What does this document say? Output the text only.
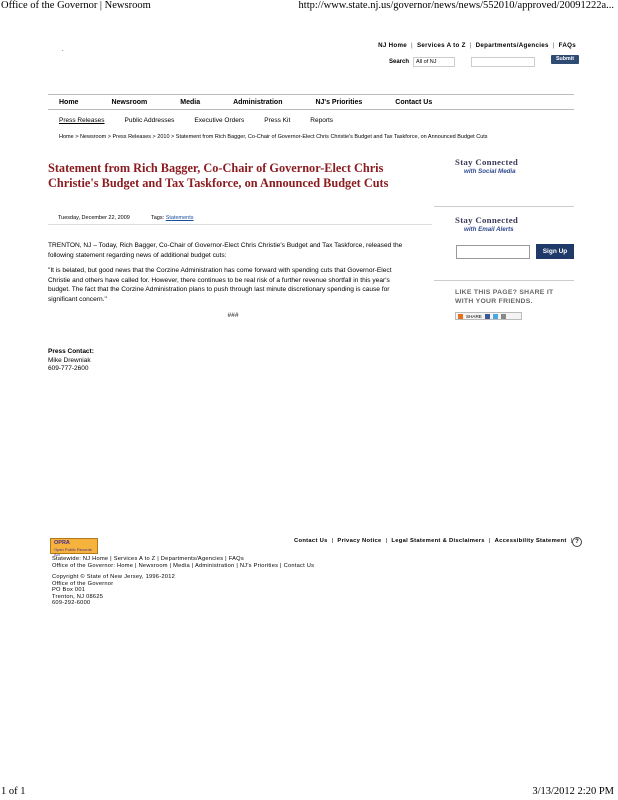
Office of the Governor | Newsroom	http://www.state.nj.us/governor/news/news/552010/approved/20091222a...
.
NJ Home | Services A to Z | Departments/Agencies | FAQs
Search	All of NJ	Submit
Home	Newsroom	Media	Administration	NJ's Priorities	Contact Us
Press Releases	Public Addresses	Executive Orders	Press Kit	Reports
Home > Newsroom > Press Releases > 2010 > Statement from Rich Bagger, Co-Chair of Governor-Elect Chris Christie's Budget and Tax Taskforce, on Announced Budget Cuts
Statement from Rich Bagger, Co-Chair of Governor-Elect Chris Christie's Budget and Tax Taskforce, on Announced Budget Cuts
Tuesday, December 22, 2009	Tags: Statements

TRENTON, NJ – Today, Rich Bagger, Co-Chair of Governor-Elect Chris Christie's Budget and Tax Taskforce, released the following statement regarding news of additional budget cuts:

"It is belated, but good news that the Corzine Administration has come forward with spending cuts that Governor-Elect Christie and others have called for. However, there continues to be real risk of a further revenue shortfall in this year's budget. The fact that the Corzine Administration plans to push through last minute discretionary spending is cause for significant concern."

###

Press Contact:
Mike Drewniak
609-777-2600
Stay Connected
with Social Media
Stay Connected
with Email Alerts
Sign Up
LIKE THIS PAGE? SHARE IT
WITH YOUR FRIENDS.
SHARE
OPRA
Open Public Records Act
Contact Us | Privacy Notice | Legal Statement & Disclaimers | Accessibility Statement | ?
Statewide: NJ Home | Services A to Z | Departments/Agencies | FAQs
Office of the Governor: Home | Newsroom | Media | Administration | NJ's Priorities | Contact Us
Copyright © State of New Jersey, 1996-2012
Office of the Governor
PO Box 001
Trenton, NJ 08625
609-292-6000
1 of 1	3/13/2012 2:20 PM
